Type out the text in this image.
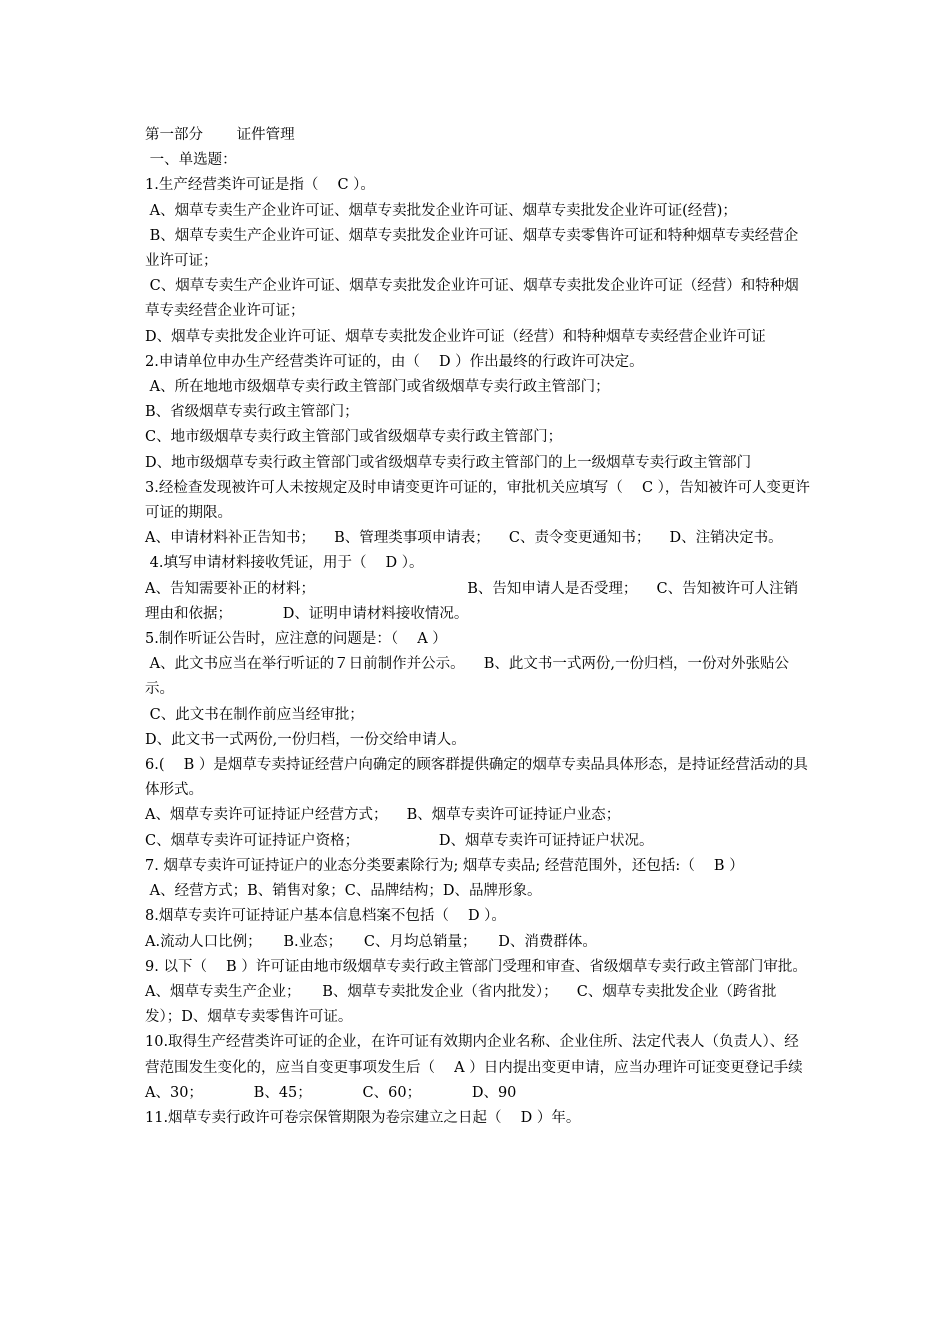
第一部分 　　证件管理

一、单选题：

1.生产经营类许可证是指（ 　C ）。

A、烟草专卖生产企业许可证、烟草专卖批发企业许可证、烟草专卖批发企业许可证(经营)；

B、烟草专卖生产企业许可证、烟草专卖批发企业许可证、烟草专卖零售许可证和特种烟草专卖经营企业许可证；

C、烟草专卖生产企业许可证、烟草专卖批发企业许可证、烟草专卖批发企业许可证（经营）和特种烟草专卖经营企业许可证；

D、烟草专卖批发企业许可证、烟草专卖批发企业许可证（经营）和特种烟草专卖经营企业许可证

2.申请单位申办生产经营类许可证的，由（ 　D ）作出最终的行政许可决定。

A、所在地地市级烟草专卖行政主管部门或省级烟草专卖行政主管部门；

B、省级烟草专卖行政主管部门；

C、地市级烟草专卖行政主管部门或省级烟草专卖行政主管部门；

D、地市级烟草专卖行政主管部门或省级烟草专卖行政主管部门的上一级烟草专卖行政主管部门

3.经检查发现被许可人未按规定及时申请变更许可证的，审批机关应填写（ 　C ），告知被许可人变更许可证的期限。

A、申请材料补正告知书； 　B、管理类事项申请表； 　C、责令变更通知书； 　D、注销决定书。

4.填写申请材料接收凭证，用于（ 　D ）。

A、告知需要补正的材料；　　　　　　　　　　　B、告知申请人是否受理； 　C、告知被许可人注销理由和依据；　　　　D、证明申请材料接收情况。

5.制作听证公告时，应注意的问题是：（ 　A ）

A、此文书应当在举行听证的７日前制作并公示。 　B、此文书一式两份,一份归档，一份对外张贴公示。

C、此文书在制作前应当经审批；

D、此文书一式两份,一份归档，一份交给申请人。

6.( 　B ）是烟草专卖持证经营户向确定的顾客群提供确定的烟草专卖品具体形态，是持证经营活动的具体形式。

A、烟草专卖许可证持证户经营方式； 　B、烟草专卖许可证持证户业态；

C、烟草专卖许可证持证户资格；　　　　　　D、烟草专卖许可证持证户状况。

7. 烟草专卖许可证持证户的业态分类要素除行为; 烟草专卖品; 经营范围外，还包括:（ 　B ）

A、经营方式；B、销售对象；C、品牌结构；D、品牌形象。

8.烟草专卖许可证持证户基本信息档案不包括（ 　D ）。

A.流动人口比例；　　B.业态；　　C、月均总销量；　　D、消费群体。

9. 以下（ 　B ）许可证由地市级烟草专卖行政主管部门受理和审查、省级烟草专卖行政主管部门审批。

A、烟草专卖生产企业；　　B、烟草专卖批发企业（省内批发）； 　C、烟草专卖批发企业（跨省批发）；D、烟草专卖零售许可证。

10.取得生产经营类许可证的企业，在许可证有效期内企业名称、企业住所、法定代表人（负责人）、经营范围发生变化的，应当自变更事项发生后（ 　A ）日内提出变更申请，应当办理许可证变更登记手续

A、30；　　　　B、45；　　　　C、60；　　　　D、90

11.烟草专卖行政许可卷宗保管期限为卷宗建立之日起（ 　D ）年。
